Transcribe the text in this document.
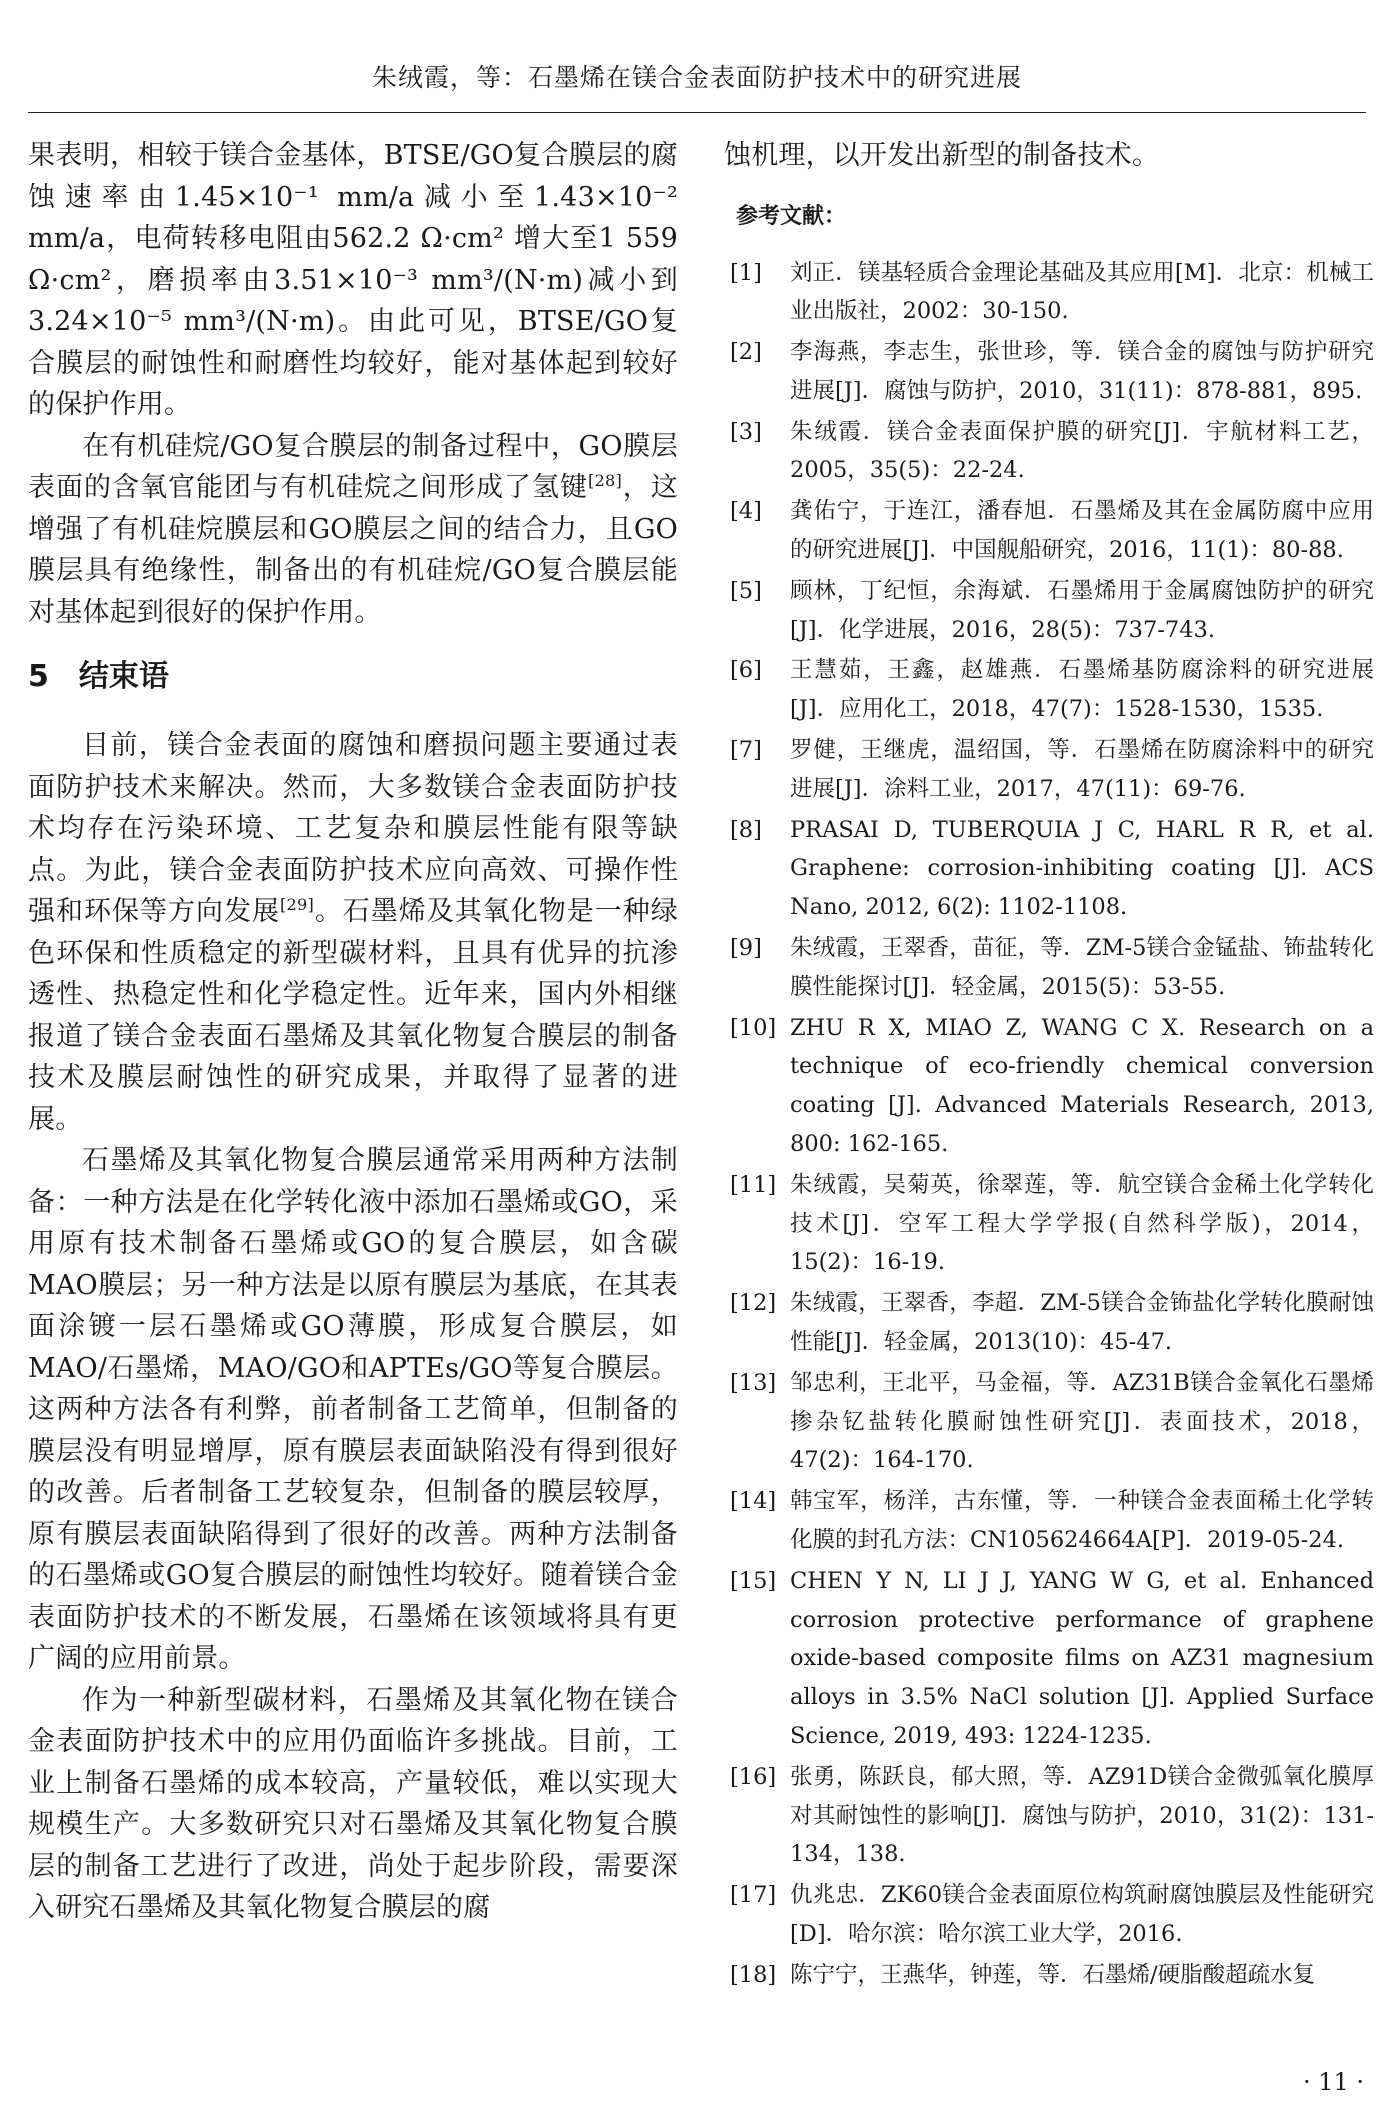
朱绒霞，等：石墨烯在镁合金表面防护技术中的研究进展

果表明，相较于镁合金基体，BTSE/GO复合膜层的腐蚀速率由1.45×10⁻¹ mm/a减小至1.43×10⁻² mm/a，电荷转移电阻由562.2 Ω·cm² 增大至1 559 Ω·cm²，磨损率由3.51×10⁻³ mm³/(N·m)减小到3.24×10⁻⁵ mm³/(N·m)。由此可见，BTSE/GO复合膜层的耐蚀性和耐磨性均较好，能对基体起到较好的保护作用。

在有机硅烷/GO复合膜层的制备过程中，GO膜层表面的含氧官能团与有机硅烷之间形成了氢键[28]，这增强了有机硅烷膜层和GO膜层之间的结合力，且GO膜层具有绝缘性，制备出的有机硅烷/GO复合膜层能对基体起到很好的保护作用。

5　结束语

目前，镁合金表面的腐蚀和磨损问题主要通过表面防护技术来解决。然而，大多数镁合金表面防护技术均存在污染环境、工艺复杂和膜层性能有限等缺点。为此，镁合金表面防护技术应向高效、可操作性强和环保等方向发展[29]。石墨烯及其氧化物是一种绿色环保和性质稳定的新型碳材料，且具有优异的抗渗透性、热稳定性和化学稳定性。近年来，国内外相继报道了镁合金表面石墨烯及其氧化物复合膜层的制备技术及膜层耐蚀性的研究成果，并取得了显著的进展。

石墨烯及其氧化物复合膜层通常采用两种方法制备：一种方法是在化学转化液中添加石墨烯或GO，采用原有技术制备石墨烯或GO的复合膜层，如含碳MAO膜层；另一种方法是以原有膜层为基底，在其表面涂镀一层石墨烯或GO薄膜，形成复合膜层，如MAO/石墨烯，MAO/GO和APTEs/GO等复合膜层。这两种方法各有利弊，前者制备工艺简单，但制备的膜层没有明显增厚，原有膜层表面缺陷没有得到很好的改善。后者制备工艺较复杂，但制备的膜层较厚，原有膜层表面缺陷得到了很好的改善。两种方法制备的石墨烯或GO复合膜层的耐蚀性均较好。随着镁合金表面防护技术的不断发展，石墨烯在该领域将具有更广阔的应用前景。

作为一种新型碳材料，石墨烯及其氧化物在镁合金表面防护技术中的应用仍面临许多挑战。目前，工业上制备石墨烯的成本较高，产量较低，难以实现大规模生产。大多数研究只对石墨烯及其氧化物复合膜层的制备工艺进行了改进，尚处于起步阶段，需要深入研究石墨烯及其氧化物复合膜层的腐

蚀机理，以开发出新型的制备技术。

参考文献：
[1]	刘正．镁基轻质合金理论基础及其应用[M]．北京：机械工业出版社，2002：30-150.
[2]	李海燕，李志生，张世珍，等．镁合金的腐蚀与防护研究进展[J]．腐蚀与防护，2010，31(11)：878-881，895.
[3]	朱绒霞．镁合金表面保护膜的研究[J]．宇航材料工艺，2005，35(5)：22-24.
[4]	龚佑宁，于连江，潘春旭．石墨烯及其在金属防腐中应用的研究进展[J]．中国舰船研究，2016，11(1)：80-88.
[5]	顾林，丁纪恒，余海斌．石墨烯用于金属腐蚀防护的研究[J]．化学进展，2016，28(5)：737-743.
[6]	王慧茹，王鑫，赵雄燕．石墨烯基防腐涂料的研究进展[J]．应用化工，2018，47(7)：1528-1530，1535.
[7]	罗健，王继虎，温绍国，等．石墨烯在防腐涂料中的研究进展[J]．涂料工业，2017，47(11)：69-76.
[8]	PRASAI D, TUBERQUIA J C, HARL R R, et al. Graphene: corrosion-inhibiting coating [J]. ACS Nano, 2012, 6(2): 1102-1108.
[9]	朱绒霞，王翠香，苗征，等．ZM-5镁合金锰盐、钸盐转化膜性能探讨[J]．轻金属，2015(5)：53-55.
[10] ZHU R X, MIAO Z, WANG C X. Research on a technique of eco-friendly chemical conversion coating [J]. Advanced Materials Research, 2013, 800: 162-165.
[11] 朱绒霞，吴菊英，徐翠莲，等．航空镁合金稀土化学转化技术[J]．空军工程大学学报(自然科学版)，2014，15(2)：16-19.
[12] 朱绒霞，王翠香，李超．ZM-5镁合金钸盐化学转化膜耐蚀性能[J]．轻金属，2013(10)：45-47.
[13] 邹忠利，王北平，马金福，等．AZ31B镁合金氧化石墨烯掺杂钇盐转化膜耐蚀性研究[J]．表面技术，2018，47(2)：164-170.
[14] 韩宝军，杨洋，古东懂，等．一种镁合金表面稀土化学转化膜的封孔方法：CN105624664A[P]．2019-05-24.
[15] CHEN Y N, LI J J, YANG W G, et al. Enhanced corrosion protective performance of graphene oxide-based composite films on AZ31 magnesium alloys in 3.5% NaCl solution [J]. Applied Surface Science, 2019, 493: 1224-1235.
[16] 张勇，陈跃良，郁大照，等．AZ91D镁合金微弧氧化膜厚对其耐蚀性的影响[J]．腐蚀与防护，2010，31(2)：131-134，138.
[17] 仇兆忠．ZK60镁合金表面原位构筑耐腐蚀膜层及性能研究[D]．哈尔滨：哈尔滨工业大学，2016.
[18] 陈宁宁，王燕华，钟莲，等．石墨烯/硬脂酸超疏水复
· 11 ·
